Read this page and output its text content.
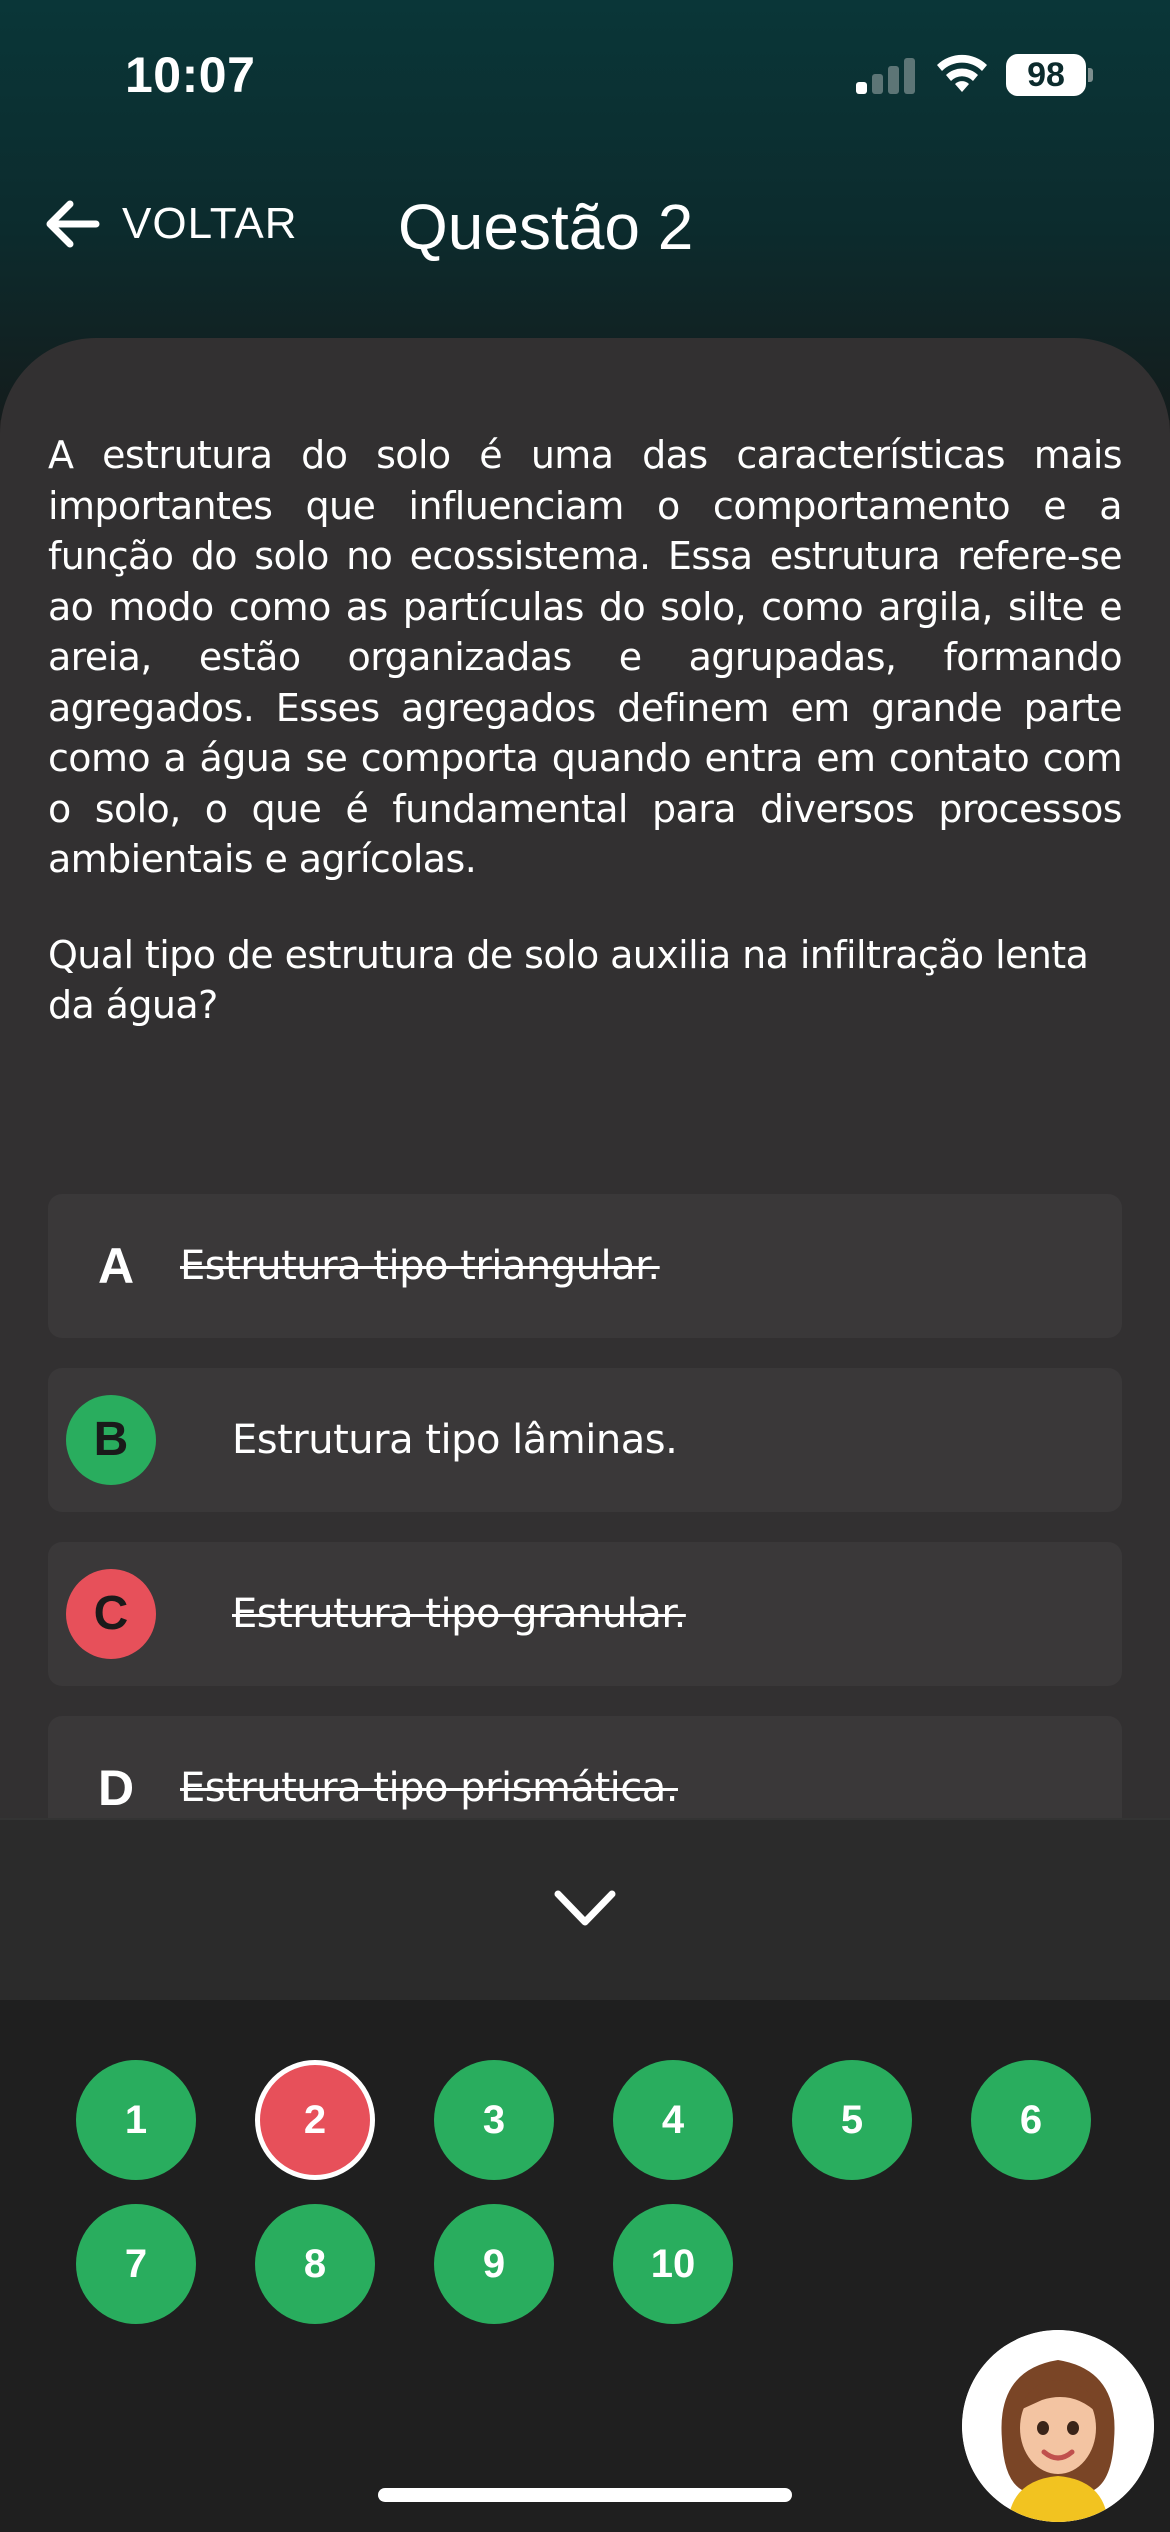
10:07	98
VOLTAR Questão 2

A estrutura do solo é uma das características mais importantes que influenciam o comportamento e a função do solo no ecossistema. Essa estrutura refere-se ao modo como as partículas do solo, como argila, silte e areia, estão organizadas e agrupadas, formando agregados. Esses agregados definem em grande parte como a água se comporta quando entra em contato com o solo, o que é fundamental para diversos processos ambientais e agrícolas.

Qual tipo de estrutura de solo auxilia na infiltração lenta da água?

A Estrutura tipo triangular.
B	Estrutura tipo lâminas.
C	Estrutura tipo granular.
D Estrutura tipo prismática.
1	2	3	4	5	6
7	8	9	10
